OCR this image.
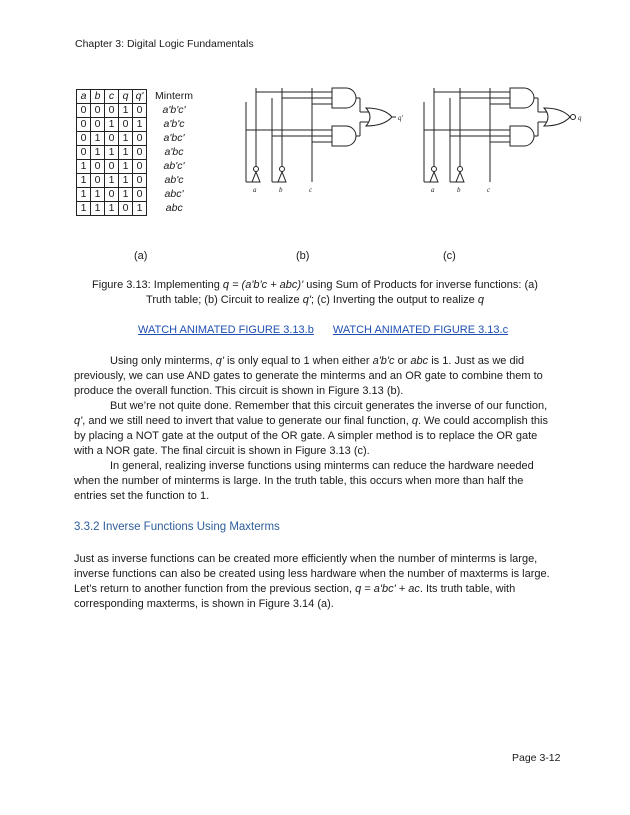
Chapter 3: Digital Logic Fundamentals
a	b	c	q	q'	Minterm
0	0	0	1	0	a'b'c'
0	0	1	0	1	a'b'c
0	1	0	1	0	a'bc'
0	1	1	1	0	a'bc
1	0	0	1	0	ab'c'
1	0	1	1	0	ab'c
1	1	0	1	0	abc'
1	1	1	0	1	abc
a	b	c
q'
a	b	c
q
(a)	(b)	(c)
Figure 3.13: Implementing q = (a'b'c + abc)' using Sum of Products for inverse functions: (a) Truth table; (b) Circuit to realize q'; (c) Inverting the output to realize q
WATCH ANIMATED FIGURE 3.13.b WATCH ANIMATED FIGURE 3.13.c

Using only minterms, q' is only equal to 1 when either a'b'c or abc is 1. Just as we did previously, we can use AND gates to generate the minterms and an OR gate to combine them to produce the overall function. This circuit is shown in Figure 3.13 (b).

But we’re not quite done. Remember that this circuit generates the inverse of our function, q', and we still need to invert that value to generate our final function, q. We could accomplish this by placing a NOT gate at the output of the OR gate. A simpler method is to replace the OR gate with a NOR gate. The final circuit is shown in Figure 3.13 (c).

In general, realizing inverse functions using minterms can reduce the hardware needed when the number of minterms is large. In the truth table, this occurs when more than half the entries set the function to 1.

3.3.2 Inverse Functions Using Maxterms

Just as inverse functions can be created more efficiently when the number of minterms is large, inverse functions can also be created using less hardware when the number of maxterms is large. Let’s return to another function from the previous section, q = a'bc' + ac. Its truth table, with corresponding maxterms, is shown in Figure 3.14 (a).

Page 3-12
